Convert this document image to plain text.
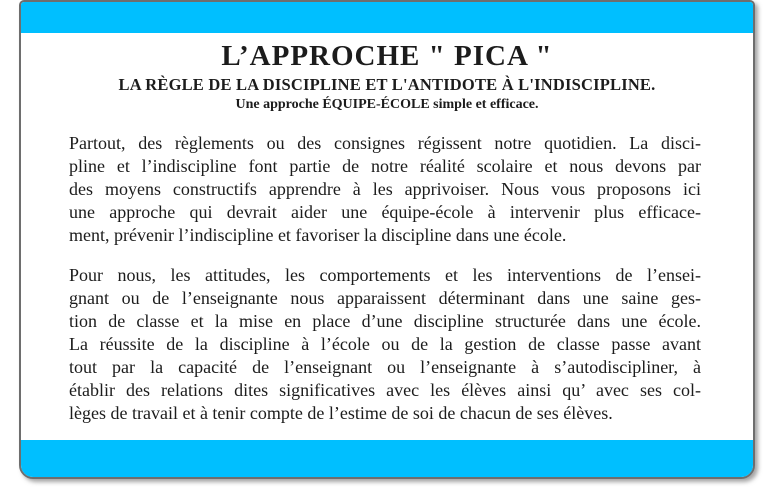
L’APPROCHE " PICA "
LA RÈGLE DE LA DISCIPLINE ET L'ANTIDOTE À L'INDISCIPLINE.
Une approche ÉQUIPE-ÉCOLE simple et efficace.
Partout, des règlements ou des consignes régissent notre quotidien. La disci-
pline et l’indiscipline font partie de notre réalité scolaire et nous devons par
des moyens constructifs apprendre à les apprivoiser. Nous vous proposons ici
une approche qui devrait aider une équipe-école à intervenir plus efficace-
ment, prévenir l’indiscipline et favoriser la discipline dans une école.
Pour nous, les attitudes, les comportements et les interventions de l’ensei-
gnant ou de l’enseignante nous apparaissent déterminant dans une saine ges-
tion de classe et la mise en place d’une discipline structurée dans une école.
La réussite de la discipline à l’école ou de la gestion de classe passe avant
tout par la capacité de l’enseignant ou l’enseignante à s’autodiscipliner, à
établir des relations dites significatives avec les élèves ainsi qu’ avec ses col-
lèges de travail et à tenir compte de l’estime de soi de chacun de ses élèves.
